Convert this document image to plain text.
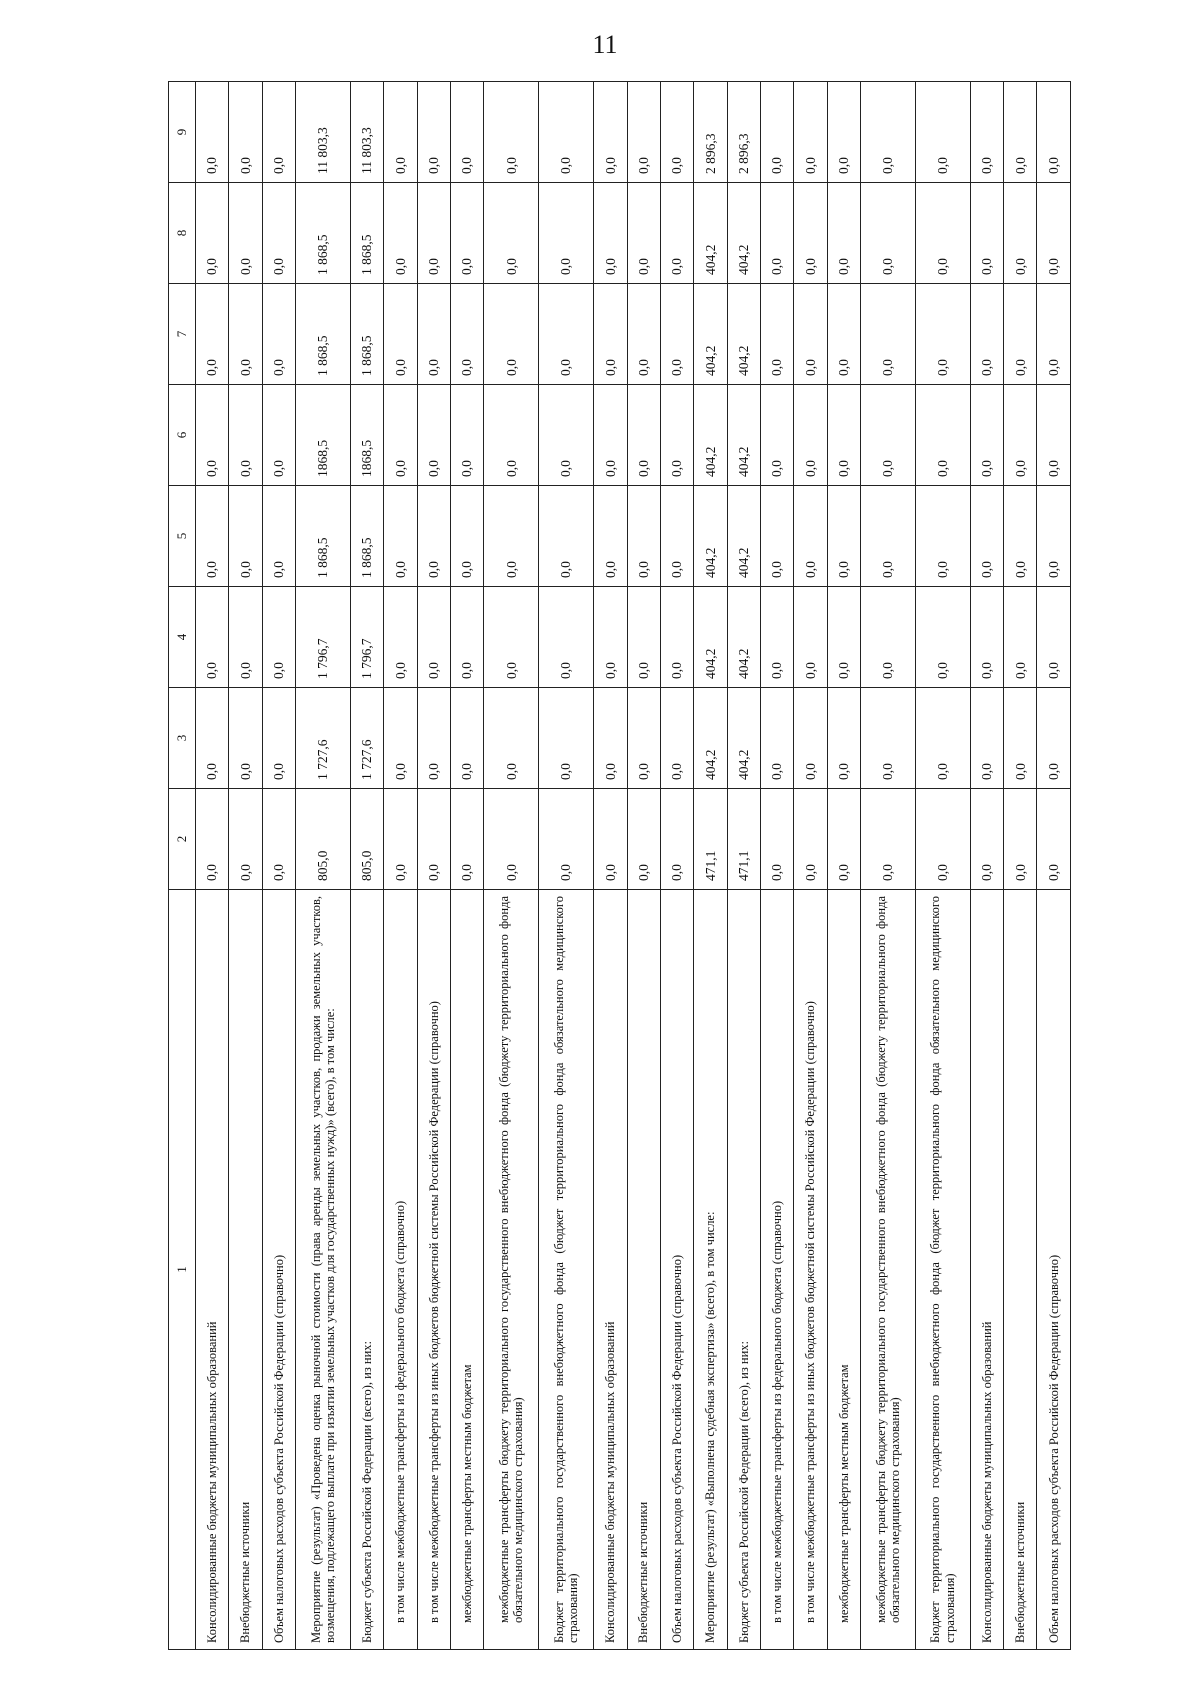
11
1	2	3	4	5	6	7	8	9
Консолидированные бюджеты муниципальных образований	0,0	0,0	0,0	0,0	0,0	0,0	0,0	0,0
Внебюджетные источники	0,0	0,0	0,0	0,0	0,0	0,0	0,0	0,0
Объем налоговых расходов субъекта Российской Федерации (справочно)	0,0	0,0	0,0	0,0	0,0	0,0	0,0	0,0
Мероприятие (результат) «Проведена оценка рыночной стоимости (права аренды земельных участков, продажи земельных участков, возмещения, подлежащего выплате при изъятии земельных участков для государственных нужд)» (всего), в том числе:	805,0	1 727,6	1 796,7	1 868,5	1868,5	1 868,5	1 868,5	11 803,3
Бюджет субъекта Российской Федерации (всего), из них:	805,0	1 727,6	1 796,7	1 868,5	1868,5	1 868,5	1 868,5	11 803,3
в том числе межбюджетные трансферты из федерального бюджета (справочно)	0,0	0,0	0,0	0,0	0,0	0,0	0,0	0,0
в том числе межбюджетные трансферты из иных бюджетов бюджетной системы Российской Федерации (справочно)	0,0	0,0	0,0	0,0	0,0	0,0	0,0	0,0
межбюджетные трансферты местным бюджетам	0,0	0,0	0,0	0,0	0,0	0,0	0,0	0,0
межбюджетные трансферты бюджету территориального государственного внебюджетного фонда (бюджету территориального фонда обязательного медицинского страхования)	0,0	0,0	0,0	0,0	0,0	0,0	0,0	0,0
Бюджет территориального государственного внебюджетного фонда (бюджет территориального фонда обязательного медицинского страхования)	0,0	0,0	0,0	0,0	0,0	0,0	0,0	0,0
Консолидированные бюджеты муниципальных образований	0,0	0,0	0,0	0,0	0,0	0,0	0,0	0,0
Внебюджетные источники	0,0	0,0	0,0	0,0	0,0	0,0	0,0	0,0
Объем налоговых расходов субъекта Российской Федерации (справочно)	0,0	0,0	0,0	0,0	0,0	0,0	0,0	0,0
Мероприятие (результат) «Выполнена судебная экспертиза» (всего), в том числе:	471,1	404,2	404,2	404,2	404,2	404,2	404,2	2 896,3
Бюджет субъекта Российской Федерации (всего), из них:	471,1	404,2	404,2	404,2	404,2	404,2	404,2	2 896,3
в том числе межбюджетные трансферты из федерального бюджета (справочно)	0,0	0,0	0,0	0,0	0,0	0,0	0,0	0,0
в том числе межбюджетные трансферты из иных бюджетов бюджетной системы Российской Федерации (справочно)	0,0	0,0	0,0	0,0	0,0	0,0	0,0	0,0
межбюджетные трансферты местным бюджетам	0,0	0,0	0,0	0,0	0,0	0,0	0,0	0,0
межбюджетные трансферты бюджету территориального государственного внебюджетного фонда (бюджету территориального фонда обязательного медицинского страхования)	0,0	0,0	0,0	0,0	0,0	0,0	0,0	0,0
Бюджет территориального государственного внебюджетного фонда (бюджет территориального фонда обязательного медицинского страхования)	0,0	0,0	0,0	0,0	0,0	0,0	0,0	0,0
Консолидированные бюджеты муниципальных образований	0,0	0,0	0,0	0,0	0,0	0,0	0,0	0,0
Внебюджетные источники	0,0	0,0	0,0	0,0	0,0	0,0	0,0	0,0
Объем налоговых расходов субъекта Российской Федерации (справочно)	0,0	0,0	0,0	0,0	0,0	0,0	0,0	0,0
